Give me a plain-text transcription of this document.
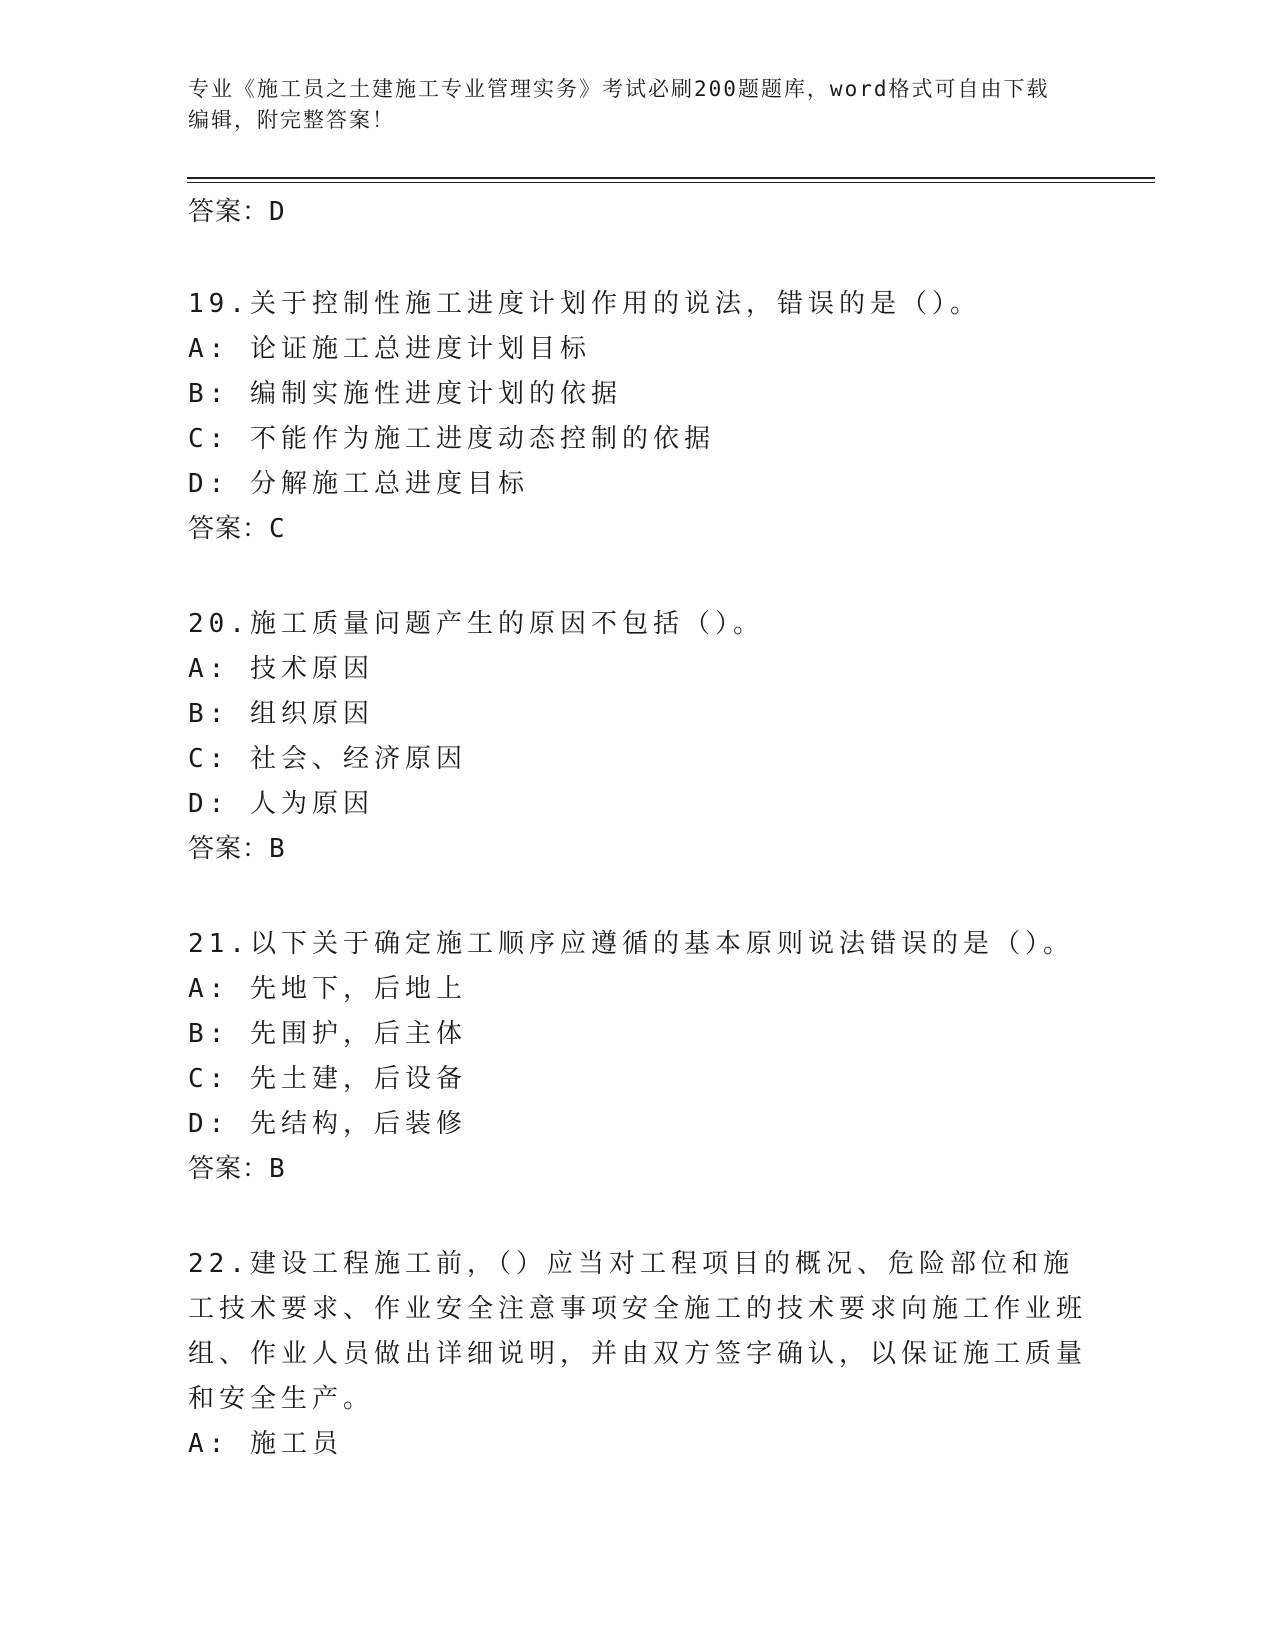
专业《施工员之土建施工专业管理实务》考试必刷200题题库，word格式可自由下载编辑，附完整答案！
答案：D

19.关于控制性施工进度计划作用的说法，错误的是（）。

A: 论证施工总进度计划目标
B: 编制实施性进度计划的依据
C: 不能作为施工进度动态控制的依据
D: 分解施工总进度目标
答案：C

20.施工质量问题产生的原因不包括（）。

A: 技术原因
B: 组织原因
C: 社会、经济原因
D: 人为原因
答案：B

21.以下关于确定施工顺序应遵循的基本原则说法错误的是（）。

A: 先地下，后地上
B: 先围护，后主体
C: 先土建，后设备
D: 先结构，后装修
答案：B

22.建设工程施工前，（）应当对工程项目的概况、危险部位和施工技术要求、作业安全注意事项安全施工的技术要求向施工作业班组、作业人员做出详细说明，并由双方签字确认，以保证施工质量和安全生产。

A: 施工员
